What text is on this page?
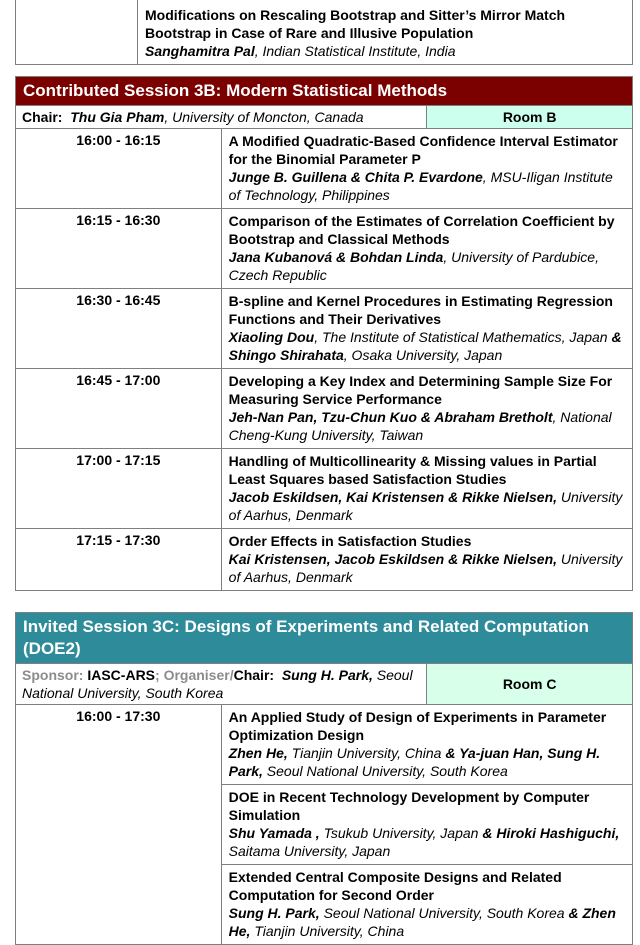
Modifications on Rescaling Bootstrap and Sitter’s Mirror Match Bootstrap in Case of Rare and Illusive Population
Sanghamitra Pal, Indian Statistical Institute, India
Contributed Session 3B: Modern Statistical Methods		
Chair: Thu Gia Pham, University of Moncton, Canada		Room B
16:00 - 16:15	A Modified Quadratic-Based Confidence Interval Estimator for the Binomial Parameter P
Junge B. Guillena & Chita P. Evardone, MSU-Iligan Institute of Technology, Philippines	

16:15 - 16:30	Comparison of the Estimates of Correlation Coefficient by Bootstrap and Classical Methods
Jana Kubanová & Bohdan Linda, University of Pardubice, Czech Republic	

16:30 - 16:45	B-spline and Kernel Procedures in Estimating Regression Functions and Their Derivatives
Xiaoling Dou, The Institute of Statistical Mathematics, Japan & Shingo Shirahata, Osaka University, Japan	

16:45 - 17:00	Developing a Key Index and Determining Sample Size For Measuring Service Performance
Jeh-Nan Pan, Tzu-Chun Kuo & Abraham Bretholt, National Cheng-Kung University, Taiwan	

17:00 - 17:15	Handling of Multicollinearity & Missing values in Partial Least Squares based Satisfaction Studies
Jacob Eskildsen, Kai Kristensen & Rikke Nielsen, University of Aarhus, Denmark	

17:15 - 17:30	Order Effects in Satisfaction Studies
Kai Kristensen, Jacob Eskildsen & Rikke Nielsen, University of Aarhus, Denmark	
Invited Session 3C: Designs of Experiments and Related Computation (DOE2)		
Sponsor: IASC-ARS; Organiser/Chair: Sung H. Park, Seoul National University, South Korea		Room C
16:00 - 17:30	An Applied Study of Design of Experiments in Parameter Optimization Design
Zhen He, Tianjin University, China & Ya-juan Han, Sung H. Park, Seoul National University, South Korea	

	DOE in Recent Technology Development by Computer Simulation
Shu Yamada , Tsukub University, Japan & Hiroki Hashiguchi, Saitama University, Japan	

	Extended Central Composite Designs and Related Computation for Second Order
Sung H. Park, Seoul National University, South Korea & Zhen He, Tianjin University, China	
